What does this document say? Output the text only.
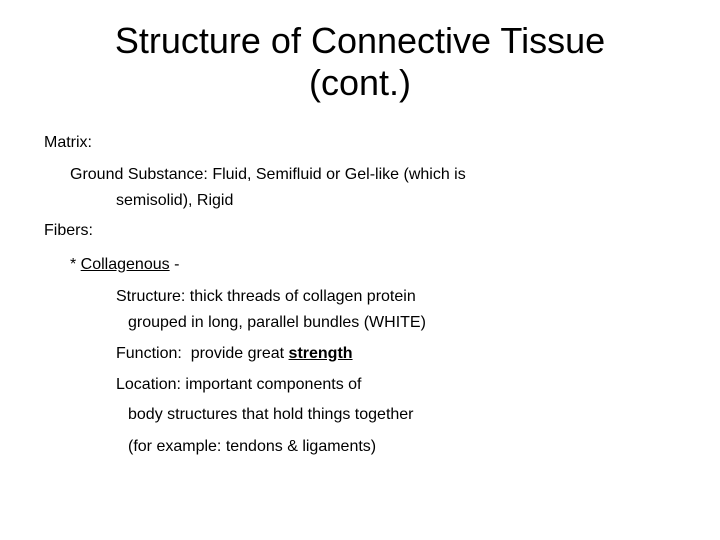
Structure of Connective Tissue
(cont.)
Matrix:
Ground Substance: Fluid, Semifluid or Gel-like (which is
semisolid), Rigid
Fibers:
* Collagenous -
Structure: thick threads of collagen protein
grouped in long, parallel bundles (WHITE)
Function:  provide great strength
Location: important components of
body structures that hold things together
(for example: tendons & ligaments)
